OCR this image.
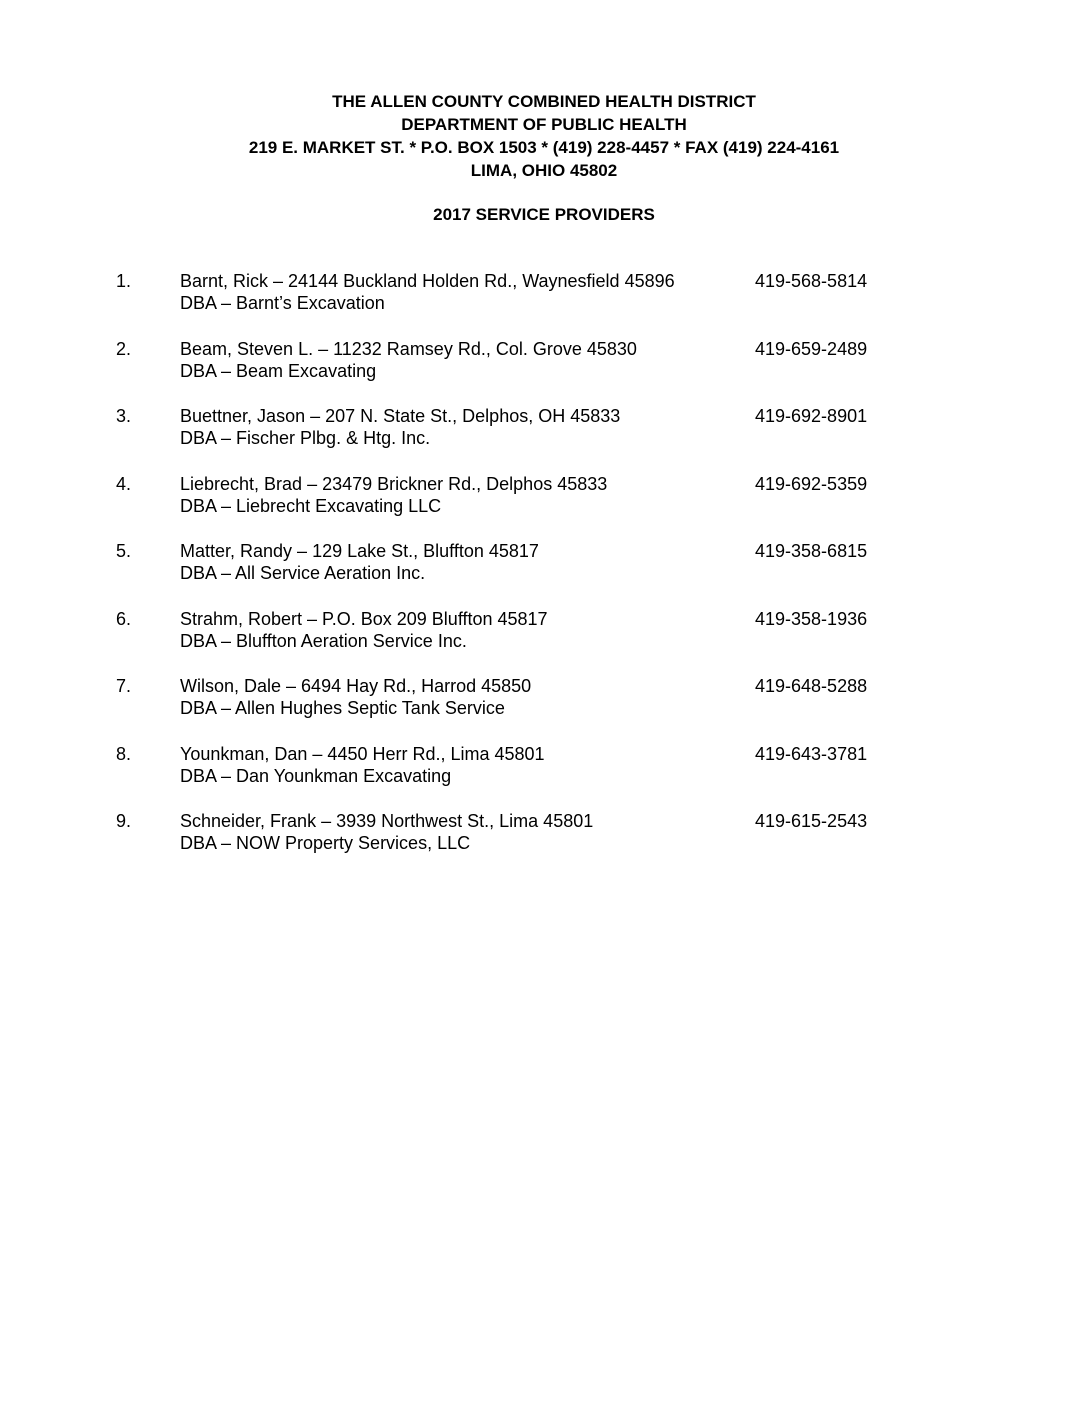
THE ALLEN COUNTY COMBINED HEALTH DISTRICT
DEPARTMENT OF PUBLIC HEALTH
219 E. MARKET ST. * P.O. BOX 1503 * (419) 228-4457 * FAX (419) 224-4161
LIMA, OHIO 45802
2017 SERVICE PROVIDERS
1.	Barnt, Rick – 24144 Buckland Holden Rd., Waynesfield 45896
DBA – Barnt’s Excavation
419-568-5814
2.	Beam, Steven L. – 11232 Ramsey Rd., Col. Grove 45830
DBA – Beam Excavating
419-659-2489
3.	Buettner, Jason – 207 N. State St., Delphos, OH 45833
DBA – Fischer Plbg. & Htg. Inc.
419-692-8901
4.	Liebrecht, Brad – 23479 Brickner Rd., Delphos 45833
DBA – Liebrecht Excavating LLC
419-692-5359
5.	Matter, Randy – 129 Lake St., Bluffton 45817
DBA – All Service Aeration Inc.
419-358-6815
6.	Strahm, Robert – P.O. Box 209 Bluffton 45817
DBA – Bluffton Aeration Service Inc.
419-358-1936
7.	Wilson, Dale – 6494 Hay Rd., Harrod 45850
DBA – Allen Hughes Septic Tank Service
419-648-5288
8.	Younkman, Dan – 4450 Herr Rd., Lima 45801
DBA – Dan Younkman Excavating
419-643-3781
9.	Schneider, Frank – 3939 Northwest St., Lima 45801
DBA – NOW Property Services, LLC
419-615-2543
